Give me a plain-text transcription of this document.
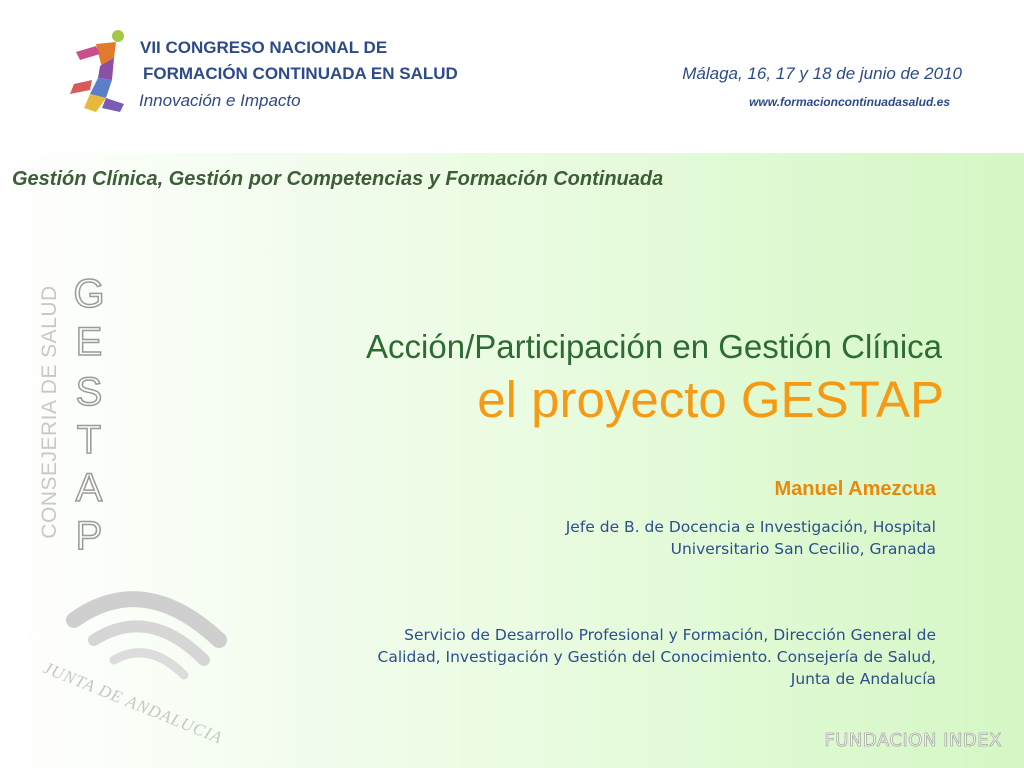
VII CONGRESO NACIONAL DE
FORMACIÓN CONTINUADA EN SALUD
Innovación e Impacto
Málaga, 16, 17 y 18 de junio de 2010
www.formacioncontinuadasalud.es
Gestión Clínica, Gestión por Competencias y Formación Continuada
CONSEJERIA DE SALUD G
E
S
T
A
P
JUNTA DE ANDALUCIA
Acción/Participación en Gestión Clínica
el proyecto GESTAP
Manuel Amezcua
Jefe de B. de Docencia e Investigación, Hospital
Universitario San Cecilio, Granada
Servicio de Desarrollo Profesional y Formación, Dirección General de
Calidad, Investigación y Gestión del Conocimiento. Consejería de Salud,
Junta de Andalucía
FUNDACION INDEX
